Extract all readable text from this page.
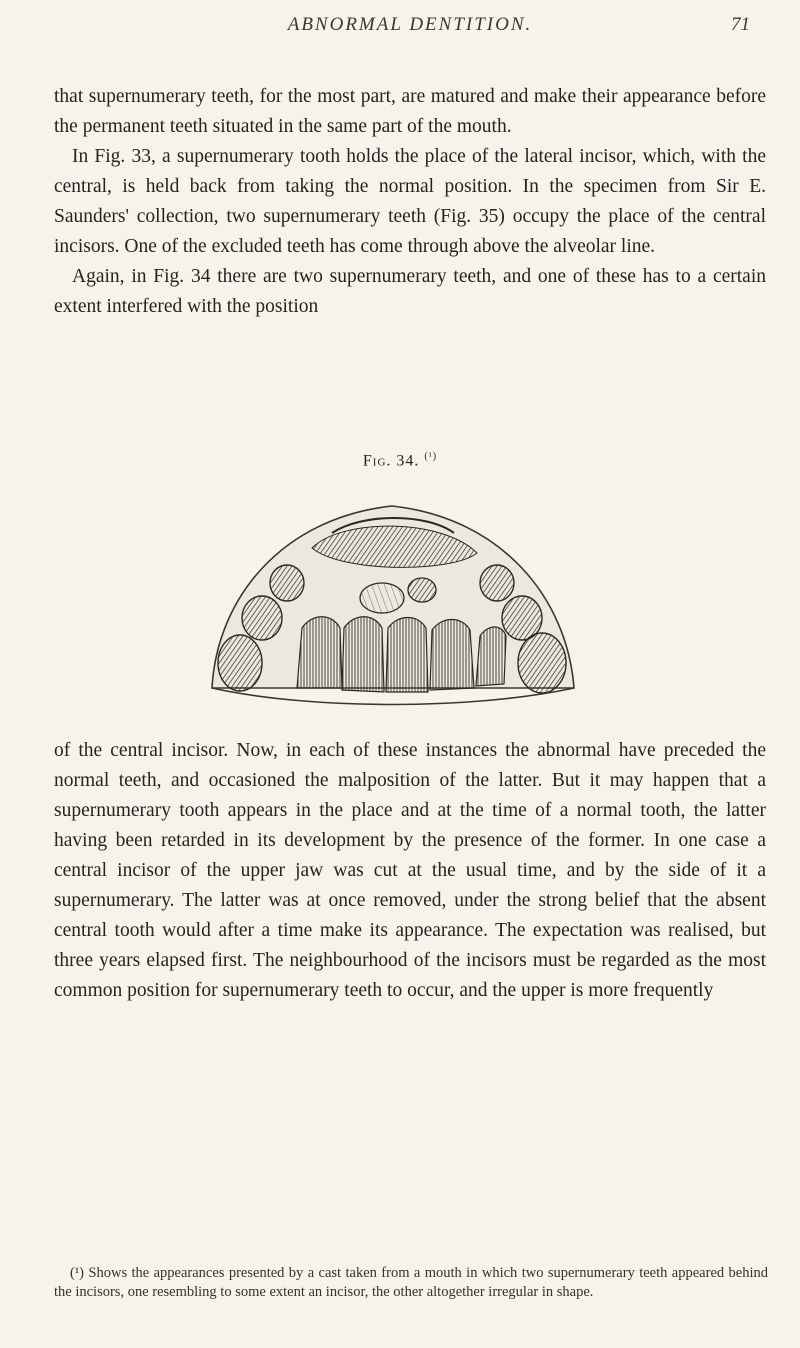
ABNORMAL DENTITION.	71

that supernumerary teeth, for the most part, are matured and make their appearance before the permanent teeth situated in the same part of the mouth.

In Fig. 33, a supernumerary tooth holds the place of the lateral incisor, which, with the central, is held back from taking the normal position. In the specimen from Sir E. Saunders' collection, two supernumerary teeth (Fig. 35) occupy the place of the central incisors. One of the excluded teeth has come through above the alveolar line.

Again, in Fig. 34 there are two supernumerary teeth, and one of these has to a certain extent interfered with the position

Fig. 34. $^{(^1)}$

of the central incisor. Now, in each of these instances the abnormal have preceded the normal teeth, and occasioned the malposition of the latter. But it may happen that a supernumerary tooth appears in the place and at the time of a normal tooth, the latter having been retarded in its development by the presence of the former. In one case a central incisor of the upper jaw was cut at the usual time, and by the side of it a supernumerary. The latter was at once removed, under the strong belief that the absent central tooth would after a time make its appearance. The expectation was realised, but three years elapsed first. The neighbourhood of the incisors must be regarded as the most common position for supernumerary teeth to occur, and the upper is more frequently

(¹) Shows the appearances presented by a cast taken from a mouth in which two supernumerary teeth appeared behind the incisors, one resembling to some extent an incisor, the other altogether irregular in shape.
